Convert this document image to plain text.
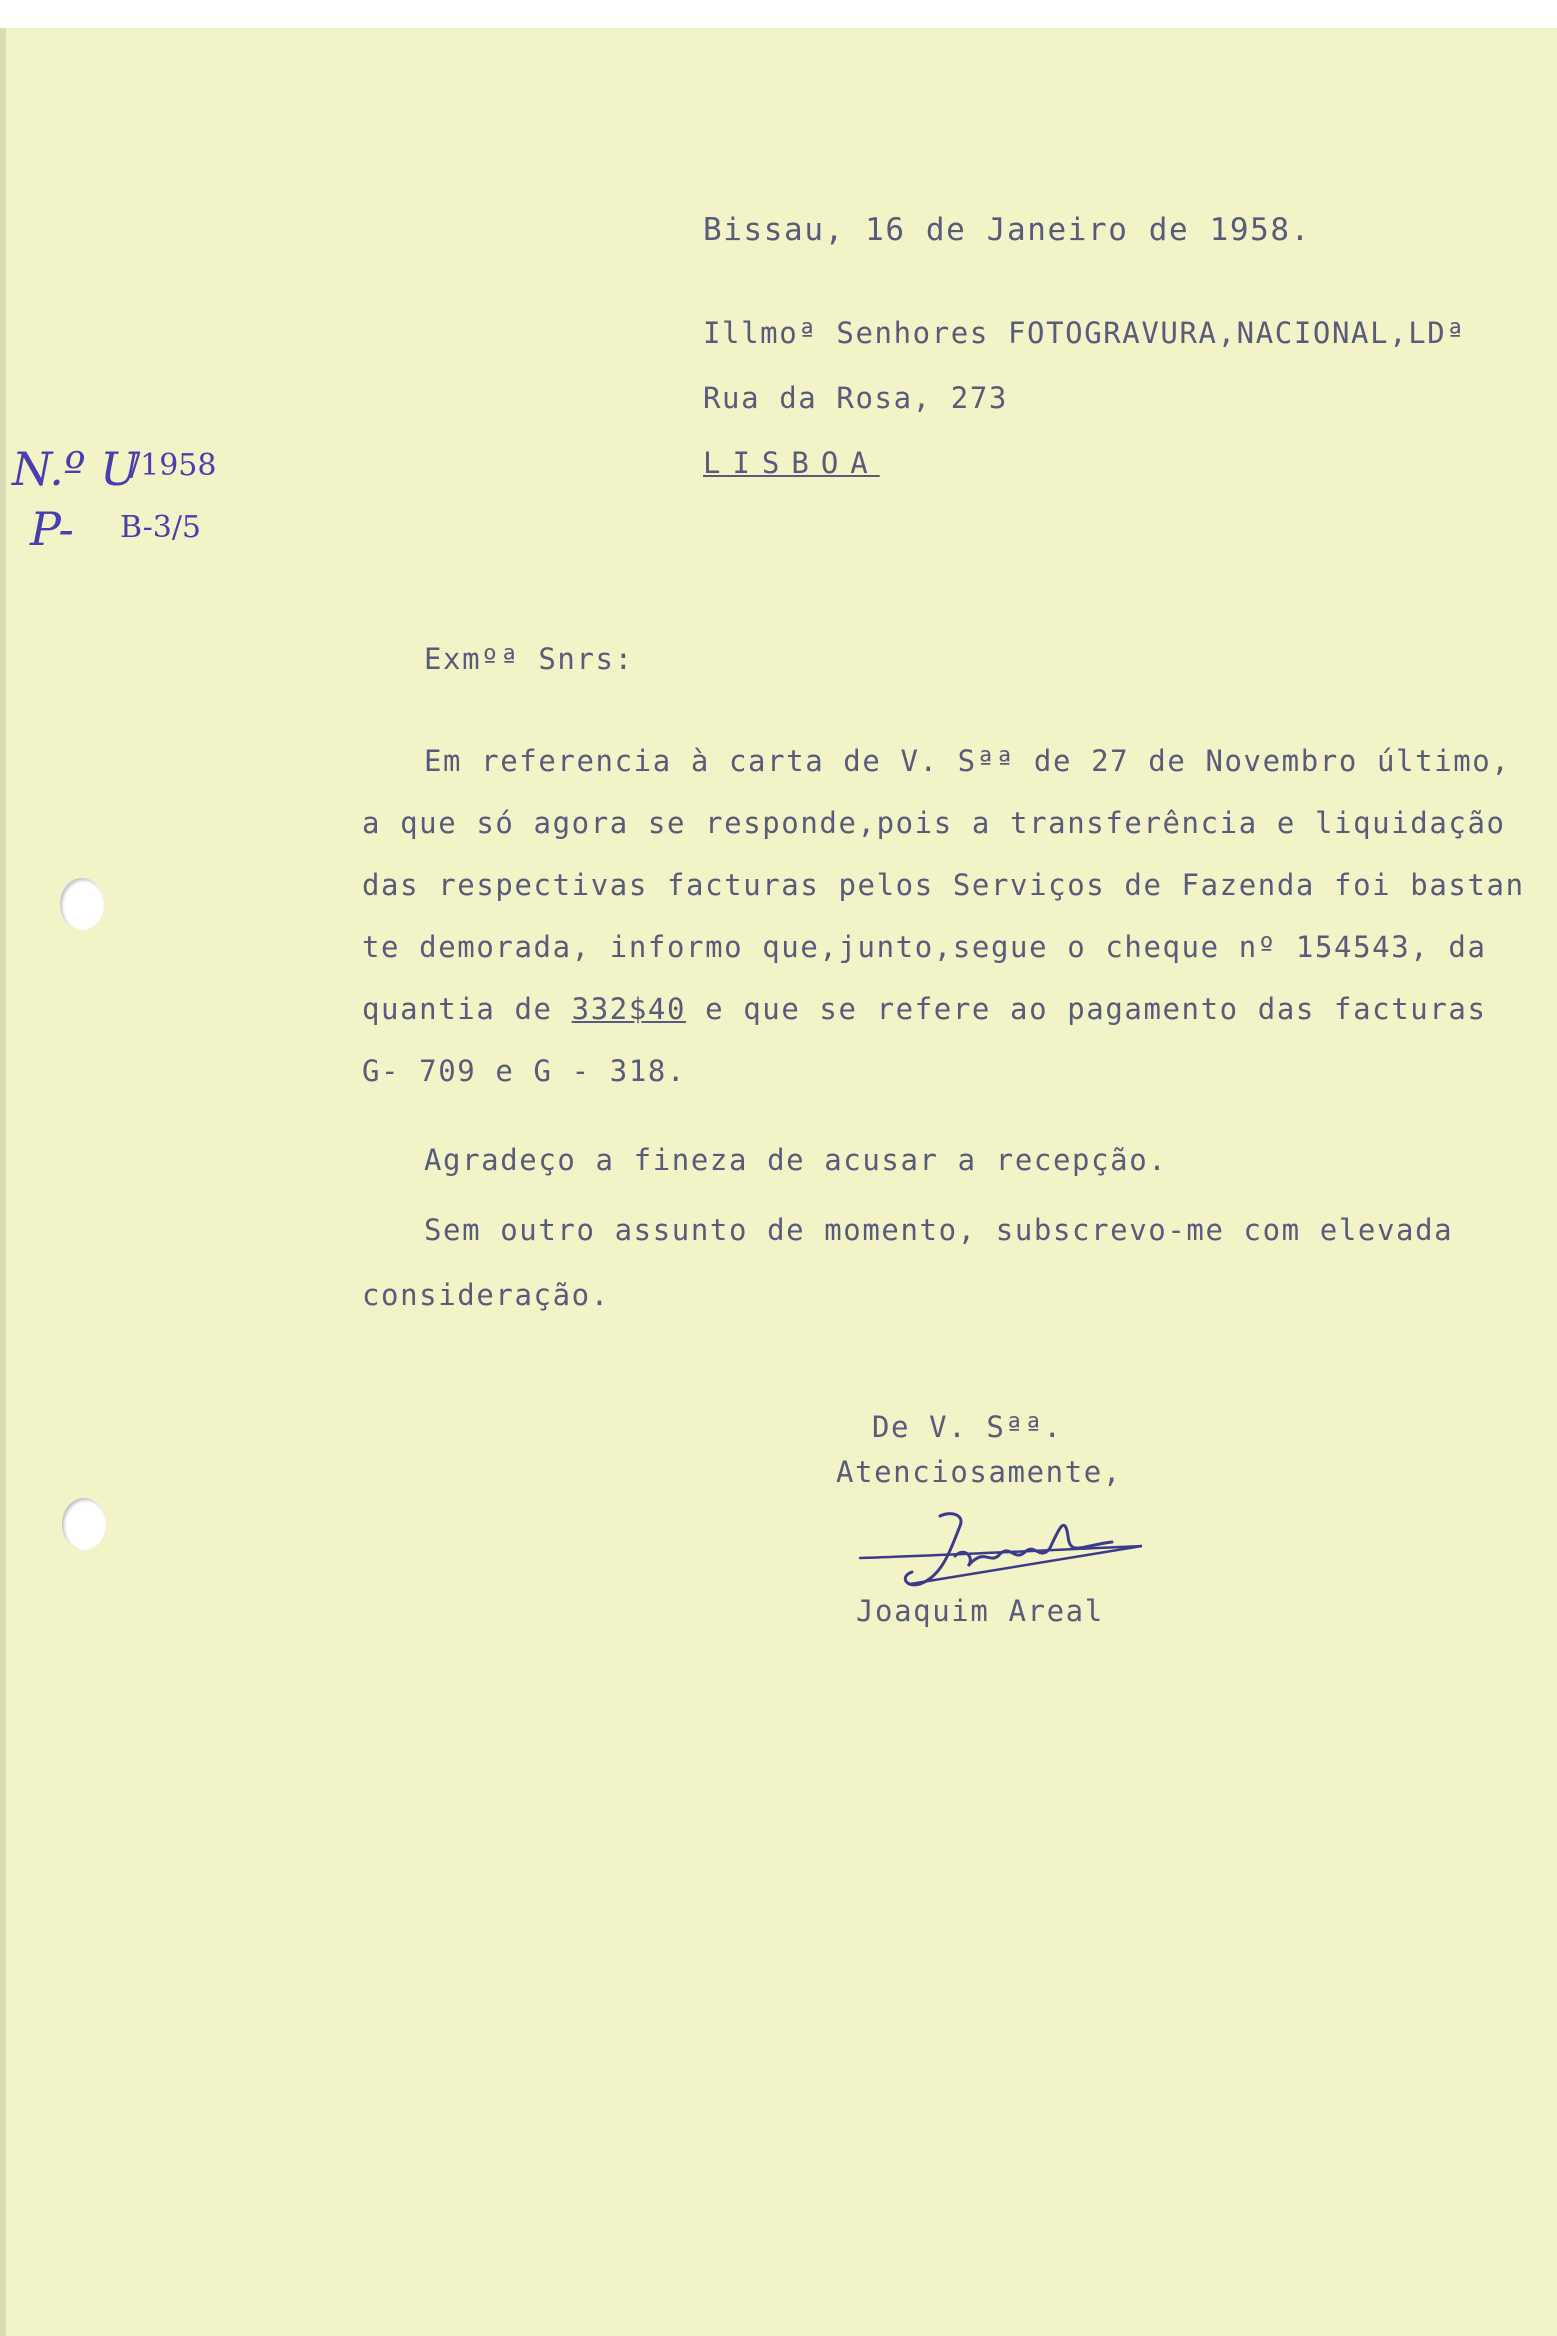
Bissau, 16 de Janeiro de 1958.
Illmoª Senhores FOTOGRAVURA,NACIONAL,LDª
Rua da Rosa, 273
LISBOA
N.º U
/1958
P- B-3/5
Exmºª Snrs:
Em referencia à carta de V. Sªª de 27 de Novembro último,
a que só agora se responde,pois a transferência e liquidação
das respectivas facturas pelos Serviços de Fazenda foi bastan
te demorada, informo que,junto,segue o cheque nº 154543, da
quantia de 332$40 e que se refere ao pagamento das facturas
G- 709 e G - 318.
Agradeço a fineza de acusar a recepção.
Sem outro assunto de momento, subscrevo-me com elevada
consideração.
De V. Sªª.
Atenciosamente,
Joaquim Areal
